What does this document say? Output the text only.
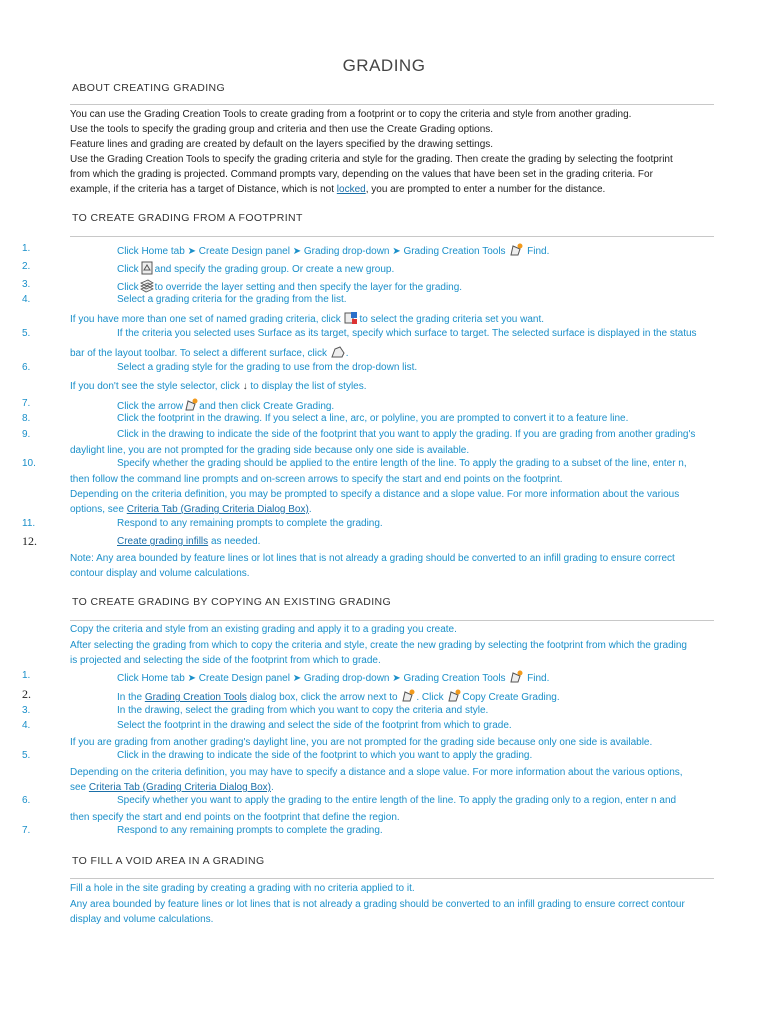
GRADING
ABOUT CREATING GRADING
You can use the Grading Creation Tools to create grading from a footprint or to copy the criteria and style from another grading.
Use the tools to specify the grading group and criteria and then use the Create Grading options.
Feature lines and grading are created by default on the layers specified by the drawing settings.
Use the Grading Creation Tools to specify the grading criteria and style for the grading. Then create the grading by selecting the footprint
from which the grading is projected. Command prompts vary, depending on the values that have been set in the grading criteria. For
example, if the criteria has a target of Distance, which is not locked, you are prompted to enter a number for the distance.
TO CREATE GRADING FROM A FOOTPRINT
1.	Click Home tab ➤ Create Design panel ➤ Grading drop-down ➤ Grading Creation Tools Find.
2.	Click and specify the grading group. Or create a new group.
3.	Click to override the layer setting and then specify the layer for the grading.
4.	Select a grading criteria for the grading from the list.
If you have more than one set of named grading criteria, click to select the grading criteria set you want.
5.	If the criteria you selected uses Surface as its target, specify which surface to target. The selected surface is displayed in the status
bar of the layout toolbar. To select a different surface, click .
6.	Select a grading style for the grading to use from the drop-down list.
If you don't see the style selector, click ↓ to display the list of styles.
7.	Click the arrow and then click Create Grading.
8.	Click the footprint in the drawing. If you select a line, arc, or polyline, you are prompted to convert it to a feature line.
9.	Click in the drawing to indicate the side of the footprint that you want to apply the grading. If you are grading from another grading's
daylight line, you are not prompted for the grading side because only one side is available.
10.	Specify whether the grading should be applied to the entire length of the line. To apply the grading to a subset of the line, enter n,
then follow the command line prompts and on-screen arrows to specify the start and end points on the footprint.
Depending on the criteria definition, you may be prompted to specify a distance and a slope value. For more information about the various
options, see Criteria Tab (Grading Criteria Dialog Box).
11.	Respond to any remaining prompts to complete the grading.
12.	Create grading infills as needed.
Note: Any area bounded by feature lines or lot lines that is not already a grading should be converted to an infill grading to ensure correct
contour display and volume calculations.
TO CREATE GRADING BY COPYING AN EXISTING GRADING
Copy the criteria and style from an existing grading and apply it to a grading you create.
After selecting the grading from which to copy the criteria and style, create the new grading by selecting the footprint from which the grading
is projected and selecting the side of the footprint from which to grade.
1.	Click Home tab ➤ Create Design panel ➤ Grading drop-down ➤ Grading Creation Tools Find.
2.	In the Grading Creation Tools dialog box, click the arrow next to . Click Copy Create Grading.
3.	In the drawing, select the grading from which you want to copy the criteria and style.
4.	Select the footprint in the drawing and select the side of the footprint from which to grade.
If you are grading from another grading's daylight line, you are not prompted for the grading side because only one side is available.
5.	Click in the drawing to indicate the side of the footprint to which you want to apply the grading.
Depending on the criteria definition, you may have to specify a distance and a slope value. For more information about the various options,
see Criteria Tab (Grading Criteria Dialog Box).
6.	Specify whether you want to apply the grading to the entire length of the line. To apply the grading only to a region, enter n and
then specify the start and end points on the footprint that define the region.
7.	Respond to any remaining prompts to complete the grading.
TO FILL A VOID AREA IN A GRADING
Fill a hole in the site grading by creating a grading with no criteria applied to it.
Any area bounded by feature lines or lot lines that is not already a grading should be converted to an infill grading to ensure correct contour
display and volume calculations.
